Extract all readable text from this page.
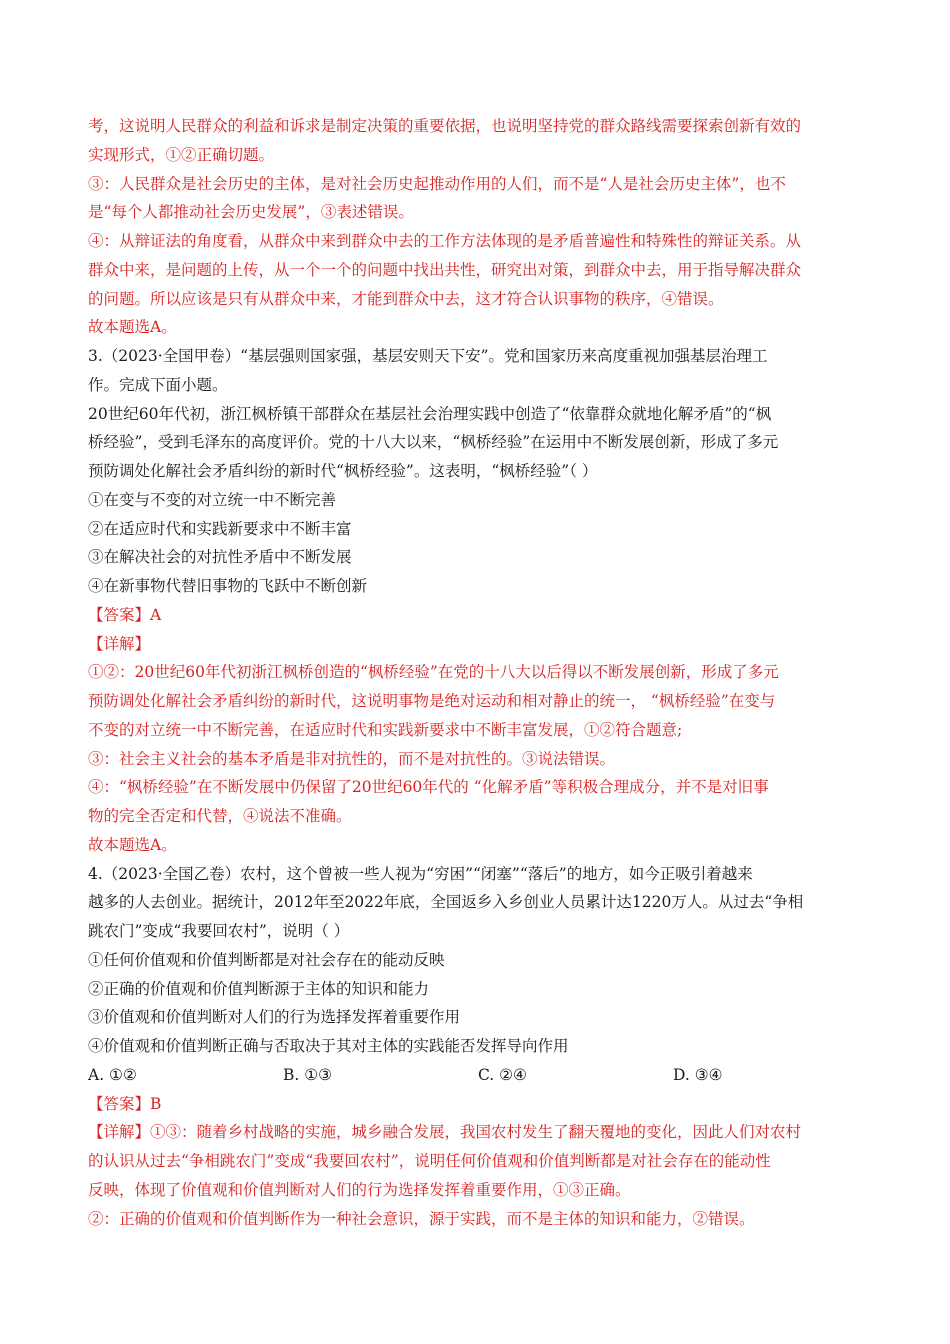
考，这说明人民群众的利益和诉求是制定决策的重要依据，也说明坚持党的群众路线需要探索创新有效的
实现形式，①②正确切题。
③：人民群众是社会历史的主体，是对社会历史起推动作用的人们，而不是“人是社会历史主体”，也不
是“每个人都推动社会历史发展”，③表述错误。
④：从辩证法的角度看，从群众中来到群众中去的工作方法体现的是矛盾普遍性和特殊性的辩证关系。从
群众中来，是问题的上传，从一个一个的问题中找出共性，研究出对策，到群众中去，用于指导解决群众
的问题。所以应该是只有从群众中来，才能到群众中去，这才符合认识事物的秩序，④错误。
故本题选A。
3.（2023·全国甲卷）“基层强则国家强，基层安则天下安”。党和国家历来高度重视加强基层治理工
作。完成下面小题。
20世纪60年代初，浙江枫桥镇干部群众在基层社会治理实践中创造了“依靠群众就地化解矛盾”的“枫
桥经验”，受到毛泽东的高度评价。党的十八大以来，“枫桥经验”在运用中不断发展创新，形成了多元
预防调处化解社会矛盾纠纷的新时代“枫桥经验”。这表明，“枫桥经验”（ ）
①在变与不变的对立统一中不断完善
②在适应时代和实践新要求中不断丰富
③在解决社会的对抗性矛盾中不断发展
④在新事物代替旧事物的飞跃中不断创新
【答案】A
【详解】
①②：20世纪60年代初浙江枫桥创造的“枫桥经验”在党的十八大以后得以不断发展创新，形成了多元
预防调处化解社会矛盾纠纷的新时代，这说明事物是绝对运动和相对静止的统一， “枫桥经验”在变与
不变的对立统一中不断完善，在适应时代和实践新要求中不断丰富发展，①②符合题意;
③：社会主义社会的基本矛盾是非对抗性的，而不是对抗性的。③说法错误。
④：“枫桥经验”在不断发展中仍保留了20世纪60年代的 “化解矛盾”等积极合理成分，并不是对旧事
物的完全否定和代替，④说法不准确。
故本题选A。
4.（2023·全国乙卷）农村，这个曾被一些人视为“穷困”“闭塞”“落后”的地方，如今正吸引着越来
越多的人去创业。据统计，2012年至2022年底，全国返乡入乡创业人员累计达1220万人。从过去“争相
跳农门”变成“我要回农村”，说明（ ）
①任何价值观和价值判断都是对社会存在的能动反映
②正确的价值观和价值判断源于主体的知识和能力
③价值观和价值判断对人们的行为选择发挥着重要作用
④价值观和价值判断正确与否取决于其对主体的实践能否发挥导向作用
A. ①②	B. ①③	C. ②④	D. ③④
【答案】B
【详解】①③：随着乡村战略的实施，城乡融合发展，我国农村发生了翻天覆地的变化，因此人们对农村
的认识从过去“争相跳农门”变成“我要回农村”，说明任何价值观和价值判断都是对社会存在的能动性
反映，体现了价值观和价值判断对人们的行为选择发挥着重要作用，①③正确。
②：正确的价值观和价值判断作为一种社会意识，源于实践，而不是主体的知识和能力，②错误。
